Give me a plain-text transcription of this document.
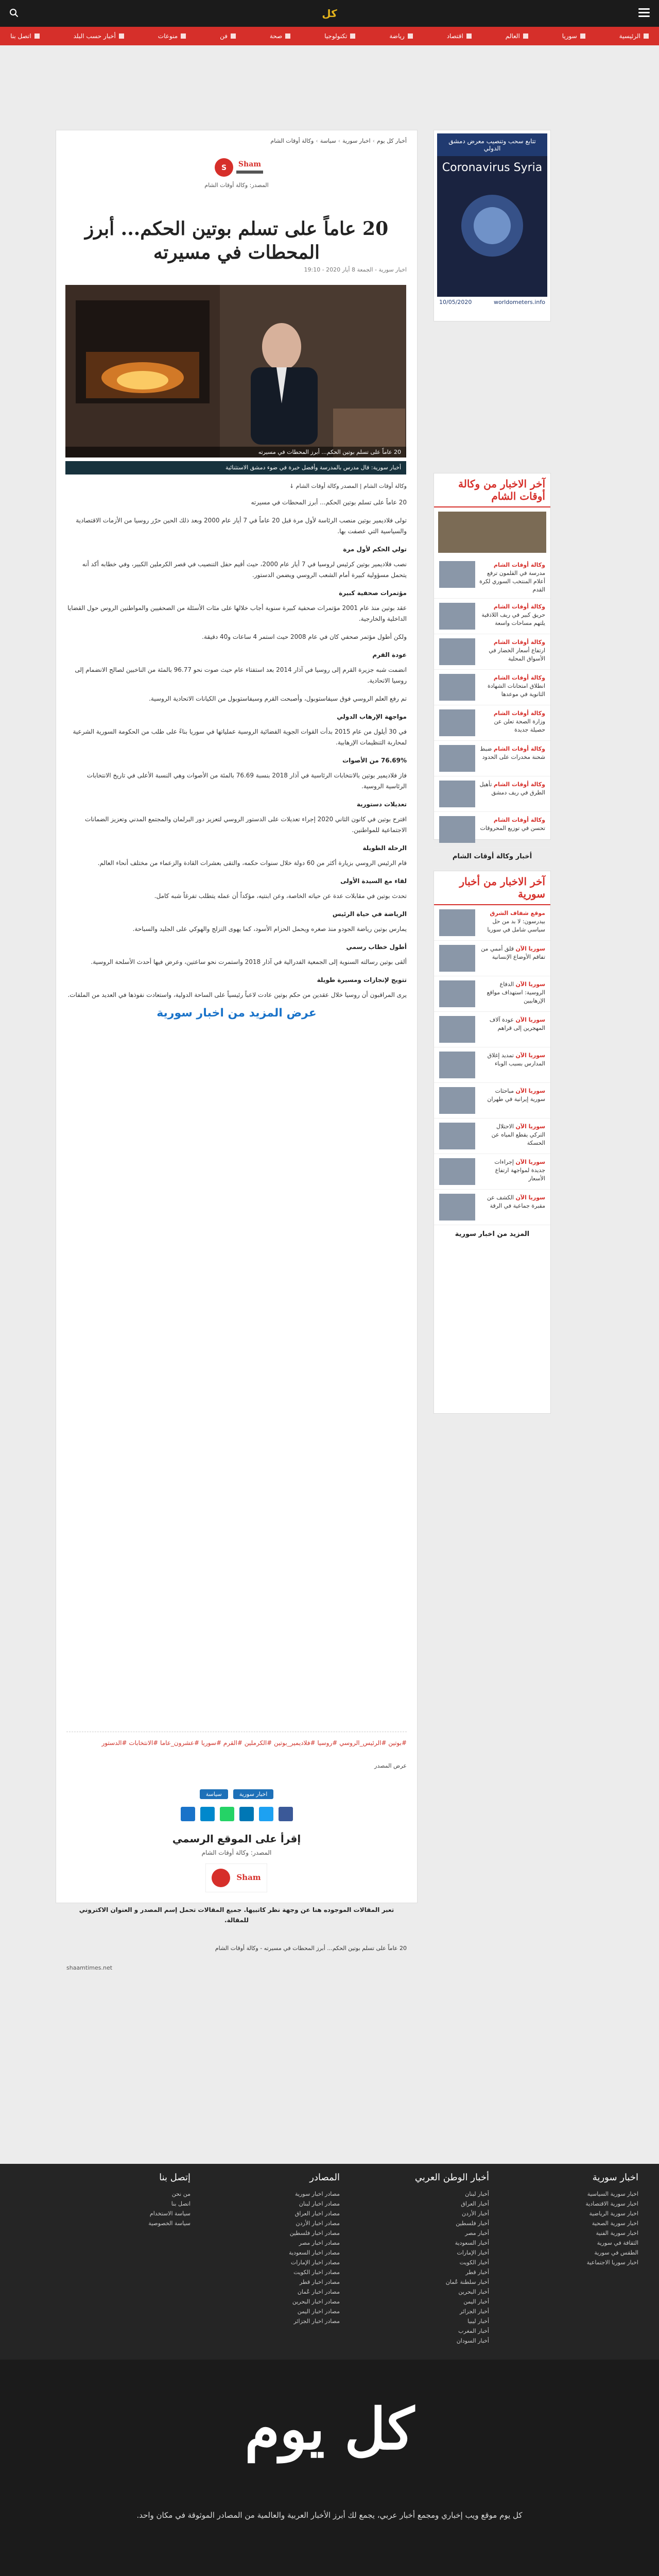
كل
الرئيسية
سوريا
العالم
اقتصاد
رياضة
تكنولوجيا
صحة
فن
منوعات
أخبار حسب البلد
اتصل بنا
أخبار كل يوم›اخبار سورية›سياسة›وكالة أوقات الشام
S Sham
المصدر: وكالة أوقات الشام
20 عاماً على تسلم بوتين الحكم... أبرز المحطات في مسيرته
اخبار سورية - الجمعة 8 أيار 2020 - 19:10
20 عاماً على تسلم بوتين الحكم... أبرز المحطات في مسيرته
أخبار سورية: قال مدرس بالمدرسة وأفضل خبرة في ضوء دمشق الاستثنائية
وكالة أوقات الشام | المصدر وكالة أوقات الشام ↓

20 عاماً على تسلم بوتين الحكم... أبرز المحطات في مسيرته

تولى فلاديمير بوتين منصب الرئاسة لأول مرة قبل 20 عاماً في 7 أيار عام 2000 وبعد ذلك الحين حرّر روسيا من الأزمات الاقتصادية والسياسية التي عصفت بها.

تولي الحكم لأول مرة

نصب فلاديمير بوتين كرئيس لروسيا في 7 أيار عام 2000، حيث أقيم حفل التنصيب في قصر الكرملين الكبير، وفي خطابه أكد أنه يتحمل مسؤولية كبيرة أمام الشعب الروسي ويضمن الدستور.

مؤتمرات صحفية كبيرة

عقد بوتين منذ عام 2001 مؤتمرات صحفية كبيرة سنوية أجاب خلالها على مئات الأسئلة من الصحفيين والمواطنين الروس حول القضايا الداخلية والخارجية.

ولكن أطول مؤتمر صحفي كان في عام 2008 حيث استمر 4 ساعات و40 دقيقة.

عودة القرم

انضمت شبه جزيرة القرم إلى روسيا في آذار 2014 بعد استفتاء عام حيث صوت نحو 96.77 بالمئة من الناخبين لصالح الانضمام إلى روسيا الاتحادية.

تم رفع العلم الروسي فوق سيفاستوبول، وأصبحت القرم وسيفاستوبول من الكيانات الاتحادية الروسية.

مواجهة الإرهاب الدولي

في 30 أيلول من عام 2015 بدأت القوات الجوية الفضائية الروسية عملياتها في سوريا بناءً على طلب من الحكومة السورية الشرعية لمحاربة التنظيمات الإرهابية.

76.69% من الأصوات

فاز فلاديمير بوتين بالانتخابات الرئاسية في آذار 2018 بنسبة 76.69 بالمئة من الأصوات وهي النسبة الأعلى في تاريخ الانتخابات الرئاسية الروسية.

تعديلات دستورية

اقترح بوتين في كانون الثاني 2020 إجراء تعديلات على الدستور الروسي لتعزيز دور البرلمان والمجتمع المدني وتعزيز الضمانات الاجتماعية للمواطنين.

الرحلة الطويلة

قام الرئيس الروسي بزيارة أكثر من 60 دولة خلال سنوات حكمه، والتقى بعشرات القادة والزعماء من مختلف أنحاء العالم.

لقاء مع السيدة الأولى

تحدث بوتين في مقابلات عدة عن حياته الخاصة، وعن ابنتيه، مؤكداً أن عمله يتطلب تفرغاً شبه كامل.

الرياضة في حياة الرئيس

يمارس بوتين رياضة الجودو منذ صغره ويحمل الحزام الأسود، كما يهوى التزلج والهوكي على الجليد والسباحة.

أطول خطاب رسمي

ألقى بوتين رسالته السنوية إلى الجمعية الفدرالية في آذار 2018 واستمرت نحو ساعتين، وعرض فيها أحدث الأسلحة الروسية.

تتويج لإنجازات ومسيرة طويلة

يرى المراقبون أن روسيا خلال عقدين من حكم بوتين عادت لاعباً رئيسياً على الساحة الدولية، واستعادت نفوذها في العديد من الملفات.

عرض المزيد من اخبار سورية
#بوتين #الرئيس_الروسي #روسيا #فلاديمير_بوتين #الكرملين #القرم #سوريا #عشرون_عاما #الانتخابات #الدستور
عرض المصدر
اخبار سورية
سياسة
إقرأ على الموقع الرسمي
المصدر: وكالة أوقات الشام
Sham
تعبر المقالات الموجوده هنا عن وجهة نظر كاتبيها. جميع المقالات تحمل إسم المصدر و العنوان الاكتروني للمقالة.
20 عاماً على تسلم بوتين الحكم... أبرز المحطات في مسيرته - وكالة أوقات الشام
shaamtimes.net
تتابع سحب وتنصيب معرض دمشق الدولي
Coronavirus Syria
10/05/2020	worldometers.info
آخر الاخبار من وكالة أوقات الشام
وكالة أوقات الشام مدرسة في القلمون ترفع أعلام المنتخب السوري لكرة القدم
وكالة أوقات الشام حريق كبير في ريف اللاذقية يلتهم مساحات واسعة
وكالة أوقات الشام ارتفاع أسعار الخضار في الأسواق المحلية
وكالة أوقات الشام انطلاق امتحانات الشهادة الثانوية في موعدها
وكالة أوقات الشام وزارة الصحة تعلن عن حصيلة جديدة
وكالة أوقات الشام ضبط شحنة مخدرات على الحدود
وكالة أوقات الشام تأهيل الطرق في ريف دمشق
وكالة أوقات الشام تحسن في توزيع المحروقات
أخبار وكالة أوقات الشام
آخر الاخبار من أخبار سورية
موقع شفاف الشرق بيدرسون: لا بد من حل سياسي شامل في سوريا
سوريا الآن قلق أممي من تفاقم الأوضاع الإنسانية
سوريا الآن الدفاع الروسية: استهداف مواقع الإرهابيين
سوريا الآن عودة آلاف المهجرين إلى قراهم
سوريا الآن تمديد إغلاق المدارس بسبب الوباء
سوريا الآن مباحثات سورية إيرانية في طهران
سوريا الآن الاحتلال التركي يقطع المياه عن الحسكة
سوريا الآن إجراءات جديدة لمواجهة ارتفاع الأسعار
سوريا الآن الكشف عن مقبرة جماعية في الرقة
المزيد من اخبار سورية
اخبار سورية
اخبار سورية السياسية
اخبار سورية الاقتصادية
اخبار سورية الرياضية
اخبار سورية الصحية
اخبار سورية الفنية
الثقافة في سورية
الطقس في سورية
اخبار سوريا الاجتماعية
أخبار الوطن العربي
أخبار لبنان
أخبار العراق
أخبار الأردن
أخبار فلسطين
أخبار مصر
أخبار السعودية
أخبار الإمارات
أخبار الكويت
أخبار قطر
أخبار سلطنة عُمان
أخبار البحرين
أخبار اليمن
أخبار الجزائر
أخبار ليبيا
أخبار المغرب
أخبار السودان
المصادر
مصادر اخبار سورية
مصادر اخبار لبنان
مصادر اخبار العراق
مصادر اخبار الأردن
مصادر اخبار فلسطين
مصادر اخبار مصر
مصادر اخبار السعودية
مصادر اخبار الإمارات
مصادر اخبار الكويت
مصادر اخبار قطر
مصادر اخبار عُمان
مصادر اخبار البحرين
مصادر اخبار اليمن
مصادر اخبار الجزائر
إتصل بنا
من نحن
اتصل بنا
سياسة الاستخدام
سياسة الخصوصية
كل يوم
كل يوم موقع ويب إخباري ومجمع أخبار عربي، يجمع لك أبرز الأخبار العربية والعالمية من المصادر الموثوقة في مكان واحد.
